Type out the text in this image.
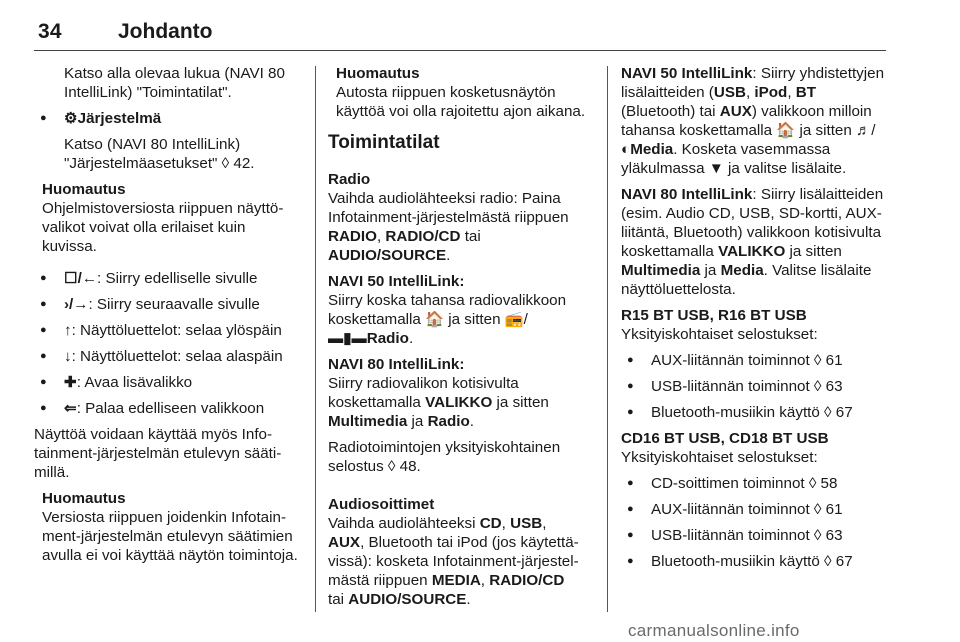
34	Johdanto

Katso alla olevaa lukua (NAVI 80 IntelliLink) "Toimintatilat".

● ⚙Järjestelmä

Katso (NAVI 80 IntelliLink) "Järjestelmäasetukset" ◊ 42.

Huomautus

Ohjelmistoversiosta riippuen näyttövalikot voivat olla erilaiset kuin kuvissa.

● ☐/←: Siirry edelliselle sivulle
● ›/→: Siirry seuraavalle sivulle
● ↑: Näyttöluettelot: selaa ylöspäin
● ↓: Näyttöluettelot: selaa alaspäin
● ✚: Avaa lisävalikko
● ⇐: Palaa edelliseen valikkoon

Näyttöä voidaan käyttää myös Infotainment-järjestelmän etulevyn säätimillä.

Huomautus

Versiosta riippuen joidenkin Infotainment-järjestelmän etulevyn säätimien avulla ei voi käyttää näytön toimintoja.

Huomautus

Autosta riippuen kosketusnäytön käyttöä voi olla rajoitettu ajon aikana.

Toimintatilat
Radio

Vaihda audiolähteeksi radio: Paina Infotainment-järjestelmästä riippuen RADIO, RADIO/CD tai
AUDIO/SOURCE.

NAVI 50 IntelliLink:

Siirry koska tahansa radiovalikkoon koskettamalla 🏠 ja sitten 📻/
▬▮▬Radio.

NAVI 80 IntelliLink:

Siirry radiovalikon kotisivulta koskettamalla VALIKKO ja sitten
Multimedia ja Radio.

Radiotoimintojen yksityiskohtainen selostus ◊ 48.

Audiosoittimet

Vaihda audiolähteeksi CD, USB,
AUX, Bluetooth tai iPod (jos käytettävissä): kosketa Infotainment-järjestelmästä riippuen MEDIA, RADIO/CD
tai AUDIO/SOURCE.

NAVI 50 IntelliLink: Siirry yhdistettyjen lisälaitteiden (USB, iPod, BT (Bluetooth) tai AUX) valikkoon milloin tahansa koskettamalla 🏠 ja sitten ♬/
◐Media. Kosketa vasemmassa yläkulmassa ▼ ja valitse lisälaite.

NAVI 80 IntelliLink: Siirry lisälaitteiden (esim. Audio CD, USB, SD-kortti, AUX-liitäntä, Bluetooth) valikkoon kotisivulta koskettamalla VALIKKO ja sitten Multimedia ja Media. Valitse lisälaite näyttöluettelosta.

R15 BT USB, R16 BT USB

Yksityiskohtaiset selostukset:

● AUX-liitännän toiminnot ◊ 61
● USB-liitännän toiminnot ◊ 63
● Bluetooth-musiikin käyttö ◊ 67
CD16 BT USB, CD18 BT USB

Yksityiskohtaiset selostukset:

● CD-soittimen toiminnot ◊ 58
● AUX-liitännän toiminnot ◊ 61
● USB-liitännän toiminnot ◊ 63
● Bluetooth-musiikin käyttö ◊ 67
carmanualsonline.info
